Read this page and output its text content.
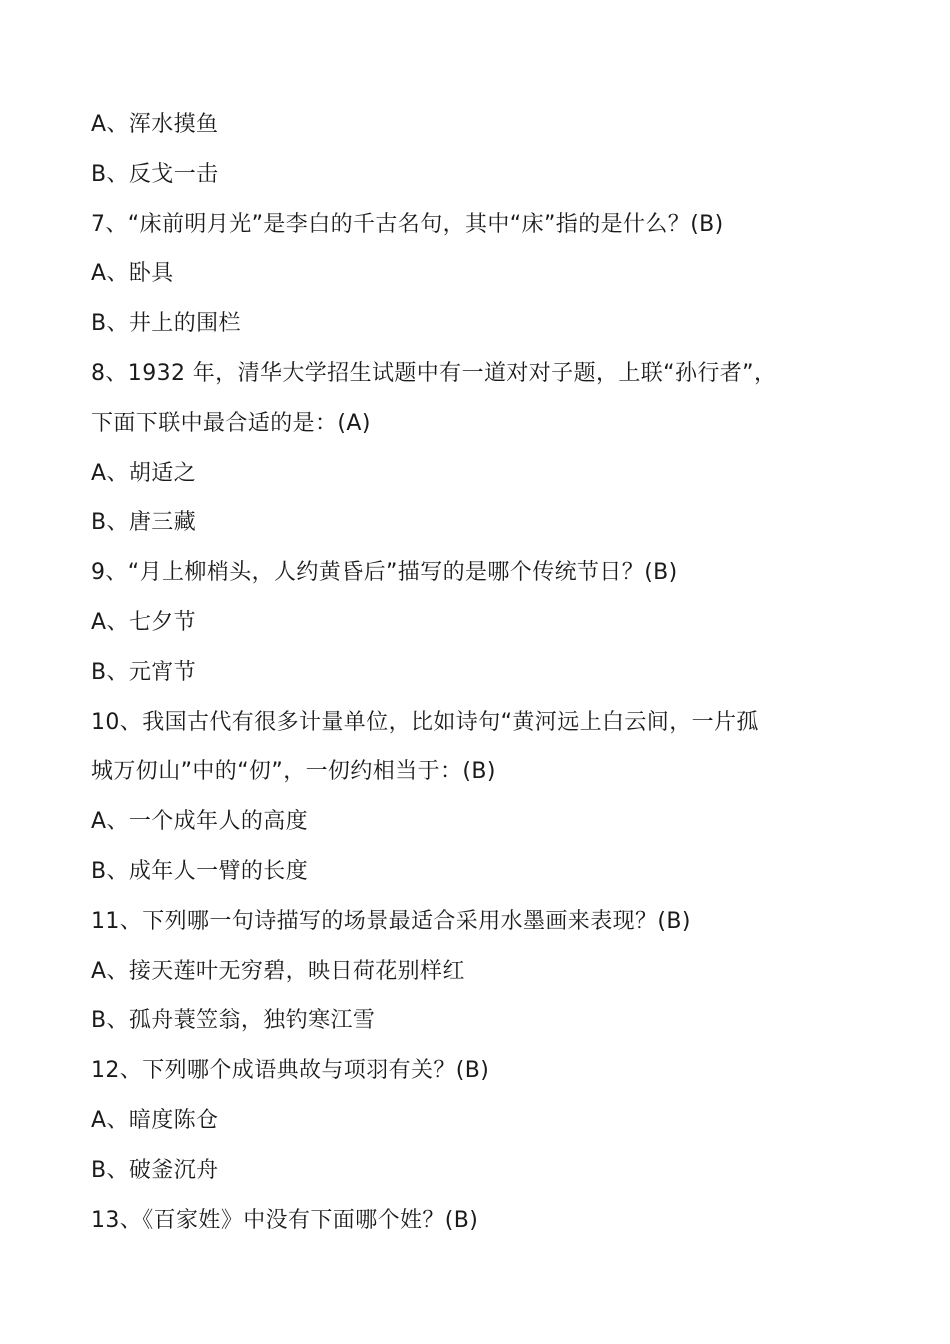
A、浑水摸鱼
B、反戈一击
7、“床前明月光”是李白的千古名句，其中“床”指的是什么？(B)
A、卧具
B、井上的围栏
8、1932 年，清华大学招生试题中有一道对对子题，上联“孙行者”，
下面下联中最合适的是：(A)
A、胡适之
B、唐三藏
9、“月上柳梢头，人约黄昏后”描写的是哪个传统节日？(B)
A、七夕节
B、元宵节
10、我国古代有很多计量单位，比如诗句“黄河远上白云间，一片孤
城万仞山”中的“仞”，一仞约相当于：(B)
A、一个成年人的高度
B、成年人一臂的长度
11、下列哪一句诗描写的场景最适合采用水墨画来表现？(B)
A、接天莲叶无穷碧，映日荷花别样红
B、孤舟蓑笠翁，独钓寒江雪
12、下列哪个成语典故与项羽有关？(B)
A、暗度陈仓
B、破釜沉舟
13、《百家姓》中没有下面哪个姓？(B)
